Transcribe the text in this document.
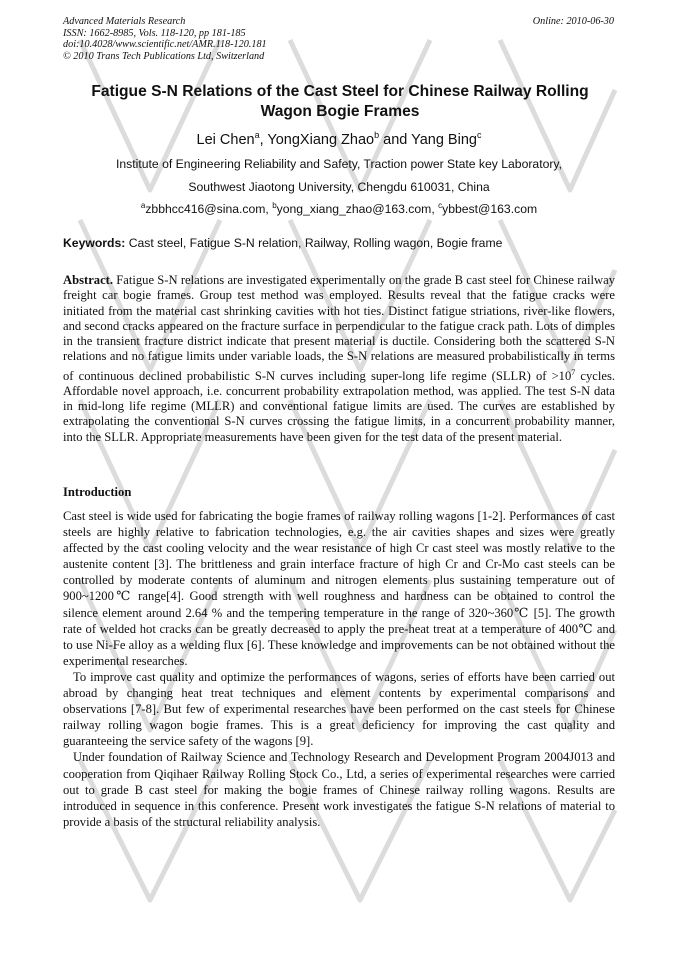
Advanced Materials Research
ISSN: 1662-8985, Vols. 118-120, pp 181-185
doi:10.4028/www.scientific.net/AMR.118-120.181
© 2010 Trans Tech Publications Ltd, Switzerland
Online: 2010-06-30
Fatigue S-N Relations of the Cast Steel for Chinese Railway Rolling
Wagon Bogie Frames
Lei Chen$^a$, YongXiang Zhao$^b$ and Yang Bing$^c$
Institute of Engineering Reliability and Safety, Traction power State key Laboratory,
Southwest Jiaotong University, Chengdu 610031, China
$^a$zbbhcc416@sina.com, $^b$yong_xiang_zhao@163.com, $^c$ybbest@163.com
Keywords: Cast steel, Fatigue S-N relation, Railway, Rolling wagon, Bogie frame
Abstract. Fatigue S-N relations are investigated experimentally on the grade B cast steel for Chinese railway freight car bogie frames. Group test method was employed. Results reveal that the fatigue cracks were initiated from the material cast shrinking cavities with hot ties. Distinct fatigue striations, river-like flowers, and second cracks appeared on the fracture surface in perpendicular to the fatigue crack path. Lots of dimples in the transient fracture district indicate that present material is ductile. Considering both the scattered S-N relations and no fatigue limits under variable loads, the S-N relations are measured probabilistically in terms of continuous declined probabilistic S-N curves including super-long life regime (SLLR) of $>10^7$ cycles. Affordable novel approach, i.e. concurrent probability extrapolation method, was applied. The test S-N data in mid-long life regime (MLLR) and conventional fatigue limits are used. The curves are established by extrapolating the conventional S-N curves crossing the fatigue limits, in a concurrent probability manner, into the SLLR. Appropriate measurements have been given for the test data of the present material.
Introduction

Cast steel is wide used for fabricating the bogie frames of railway rolling wagons [1-2]. Performances of cast steels are highly relative to fabrication technologies, e.g. the air cavities shapes and sizes were greatly affected by the cast cooling velocity and the wear resistance of high Cr cast steel was mostly relative to the austenite content [3]. The brittleness and grain interface fracture of high Cr and Cr-Mo cast steels can be controlled by moderate contents of aluminum and nitrogen elements plus sustaining temperature out of 900~1200℃ range[4]. Good strength with well roughness and hardness can be obtained to control the silence element around 2.64 % and the tempering temperature in the range of 320~360℃ [5]. The growth rate of welded hot cracks can be greatly decreased to apply the pre-heat treat at a temperature of 400℃ and to use Ni-Fe alloy as a welding flux [6]. These knowledge and improvements can be not obtained without the experimental researches.

To improve cast quality and optimize the performances of wagons, series of efforts have been carried out abroad by changing heat treat techniques and element contents by experimental comparisons and observations [7-8]. But few of experimental researches have been performed on the cast steels for Chinese railway rolling wagon bogie frames. This is a great deficiency for improving the cast quality and guaranteeing the service safety of the wagons [9].

Under foundation of Railway Science and Technology Research and Development Program 2004J013 and cooperation from Qiqihaer Railway Rolling Stock Co., Ltd, a series of experimental researches were carried out to grade B cast steel for making the bogie frames of Chinese railway rolling wagons. Results are introduced in sequence in this conference. Present work investigates the fatigue S-N relations of material to provide a basis of the structural reliability analysis.
